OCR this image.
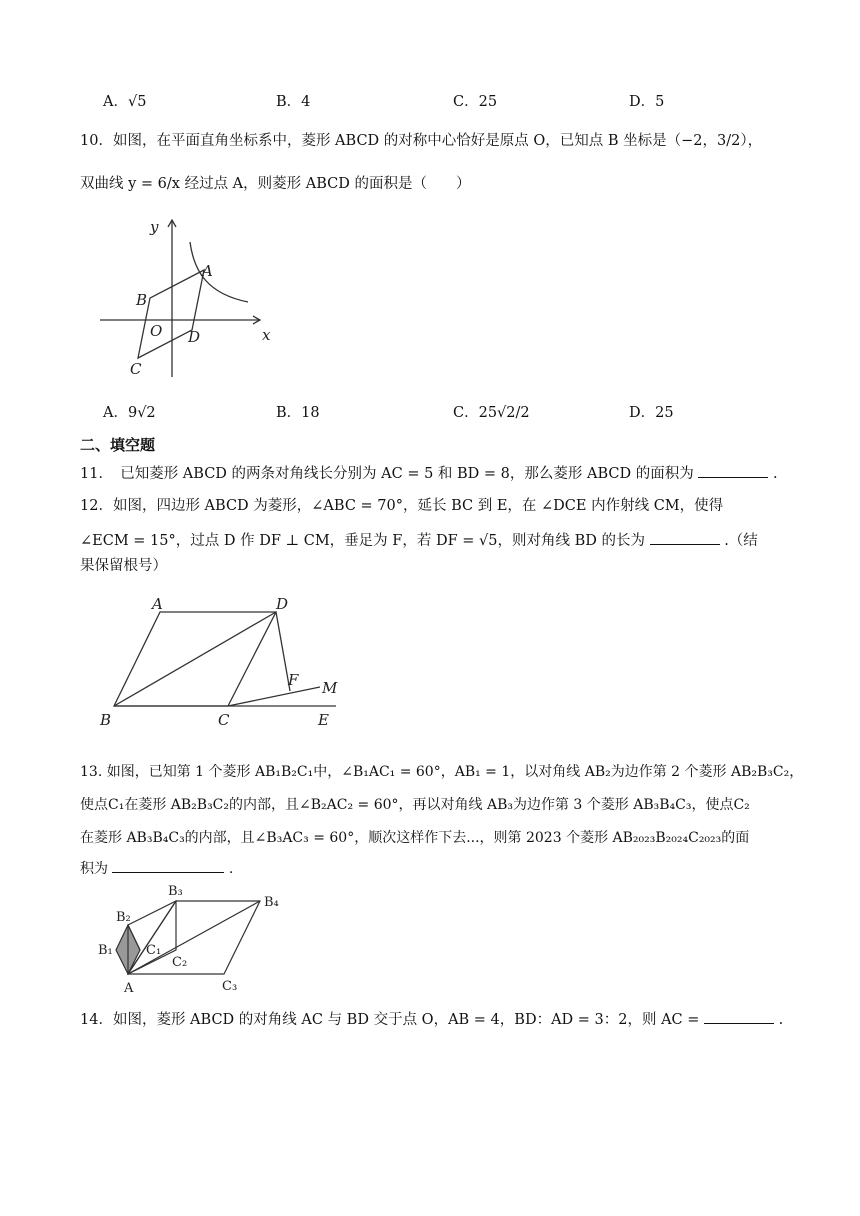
A．√5	B．4	C．25	D．5
10．如图，在平面直角坐标系中，菱形 ABCD 的对称中心恰好是原点 O，已知点 B 坐标是（−2，3/2），
双曲线 y = 6/x 经过点 A，则菱形 ABCD 的面积是（　　）
y
x
A
B
O D
C
A．9√2	B．18	C．25√2/2	D．25
二、填空题
11．　已知菱形 ABCD 的两条对角线长分别为 AC = 5 和 BD = 8，那么菱形 ABCD 的面积为	.
12．如图，四边形 ABCD 为菱形，∠ABC = 70°，延长 BC 到 E，在 ∠DCE 内作射线 CM，使得
∠ECM = 15°，过点 D 作 DF ⊥ CM，垂足为 F，若 DF = √5，则对角线 BD 的长为	.（结
果保留根号）
A	D
B	C	E
F M
13. 如图，已知第 1 个菱形 AB₁B₂C₁中，∠B₁AC₁ = 60°，AB₁ = 1，以对角线 AB₂为边作第 2 个菱形 AB₂B₃C₂，
使点C₁在菱形 AB₂B₃C₂的内部，且∠B₂AC₂ = 60°，再以对角线 AB₃为边作第 3 个菱形 AB₃B₄C₃，使点C₂
在菱形 AB₃B₄C₃的内部，且∠B₃AC₃ = 60°，顺次这样作下去...，则第 2023 个菱形 AB₂₀₂₃B₂₀₂₄C₂₀₂₃的面
积为	.
A
B₁
B₂
B₃
B₄
C₁
C₂
C₃
14．如图，菱形 ABCD 的对角线 AC 与 BD 交于点 O，AB = 4，BD：AD = 3：2，则 AC =	.
